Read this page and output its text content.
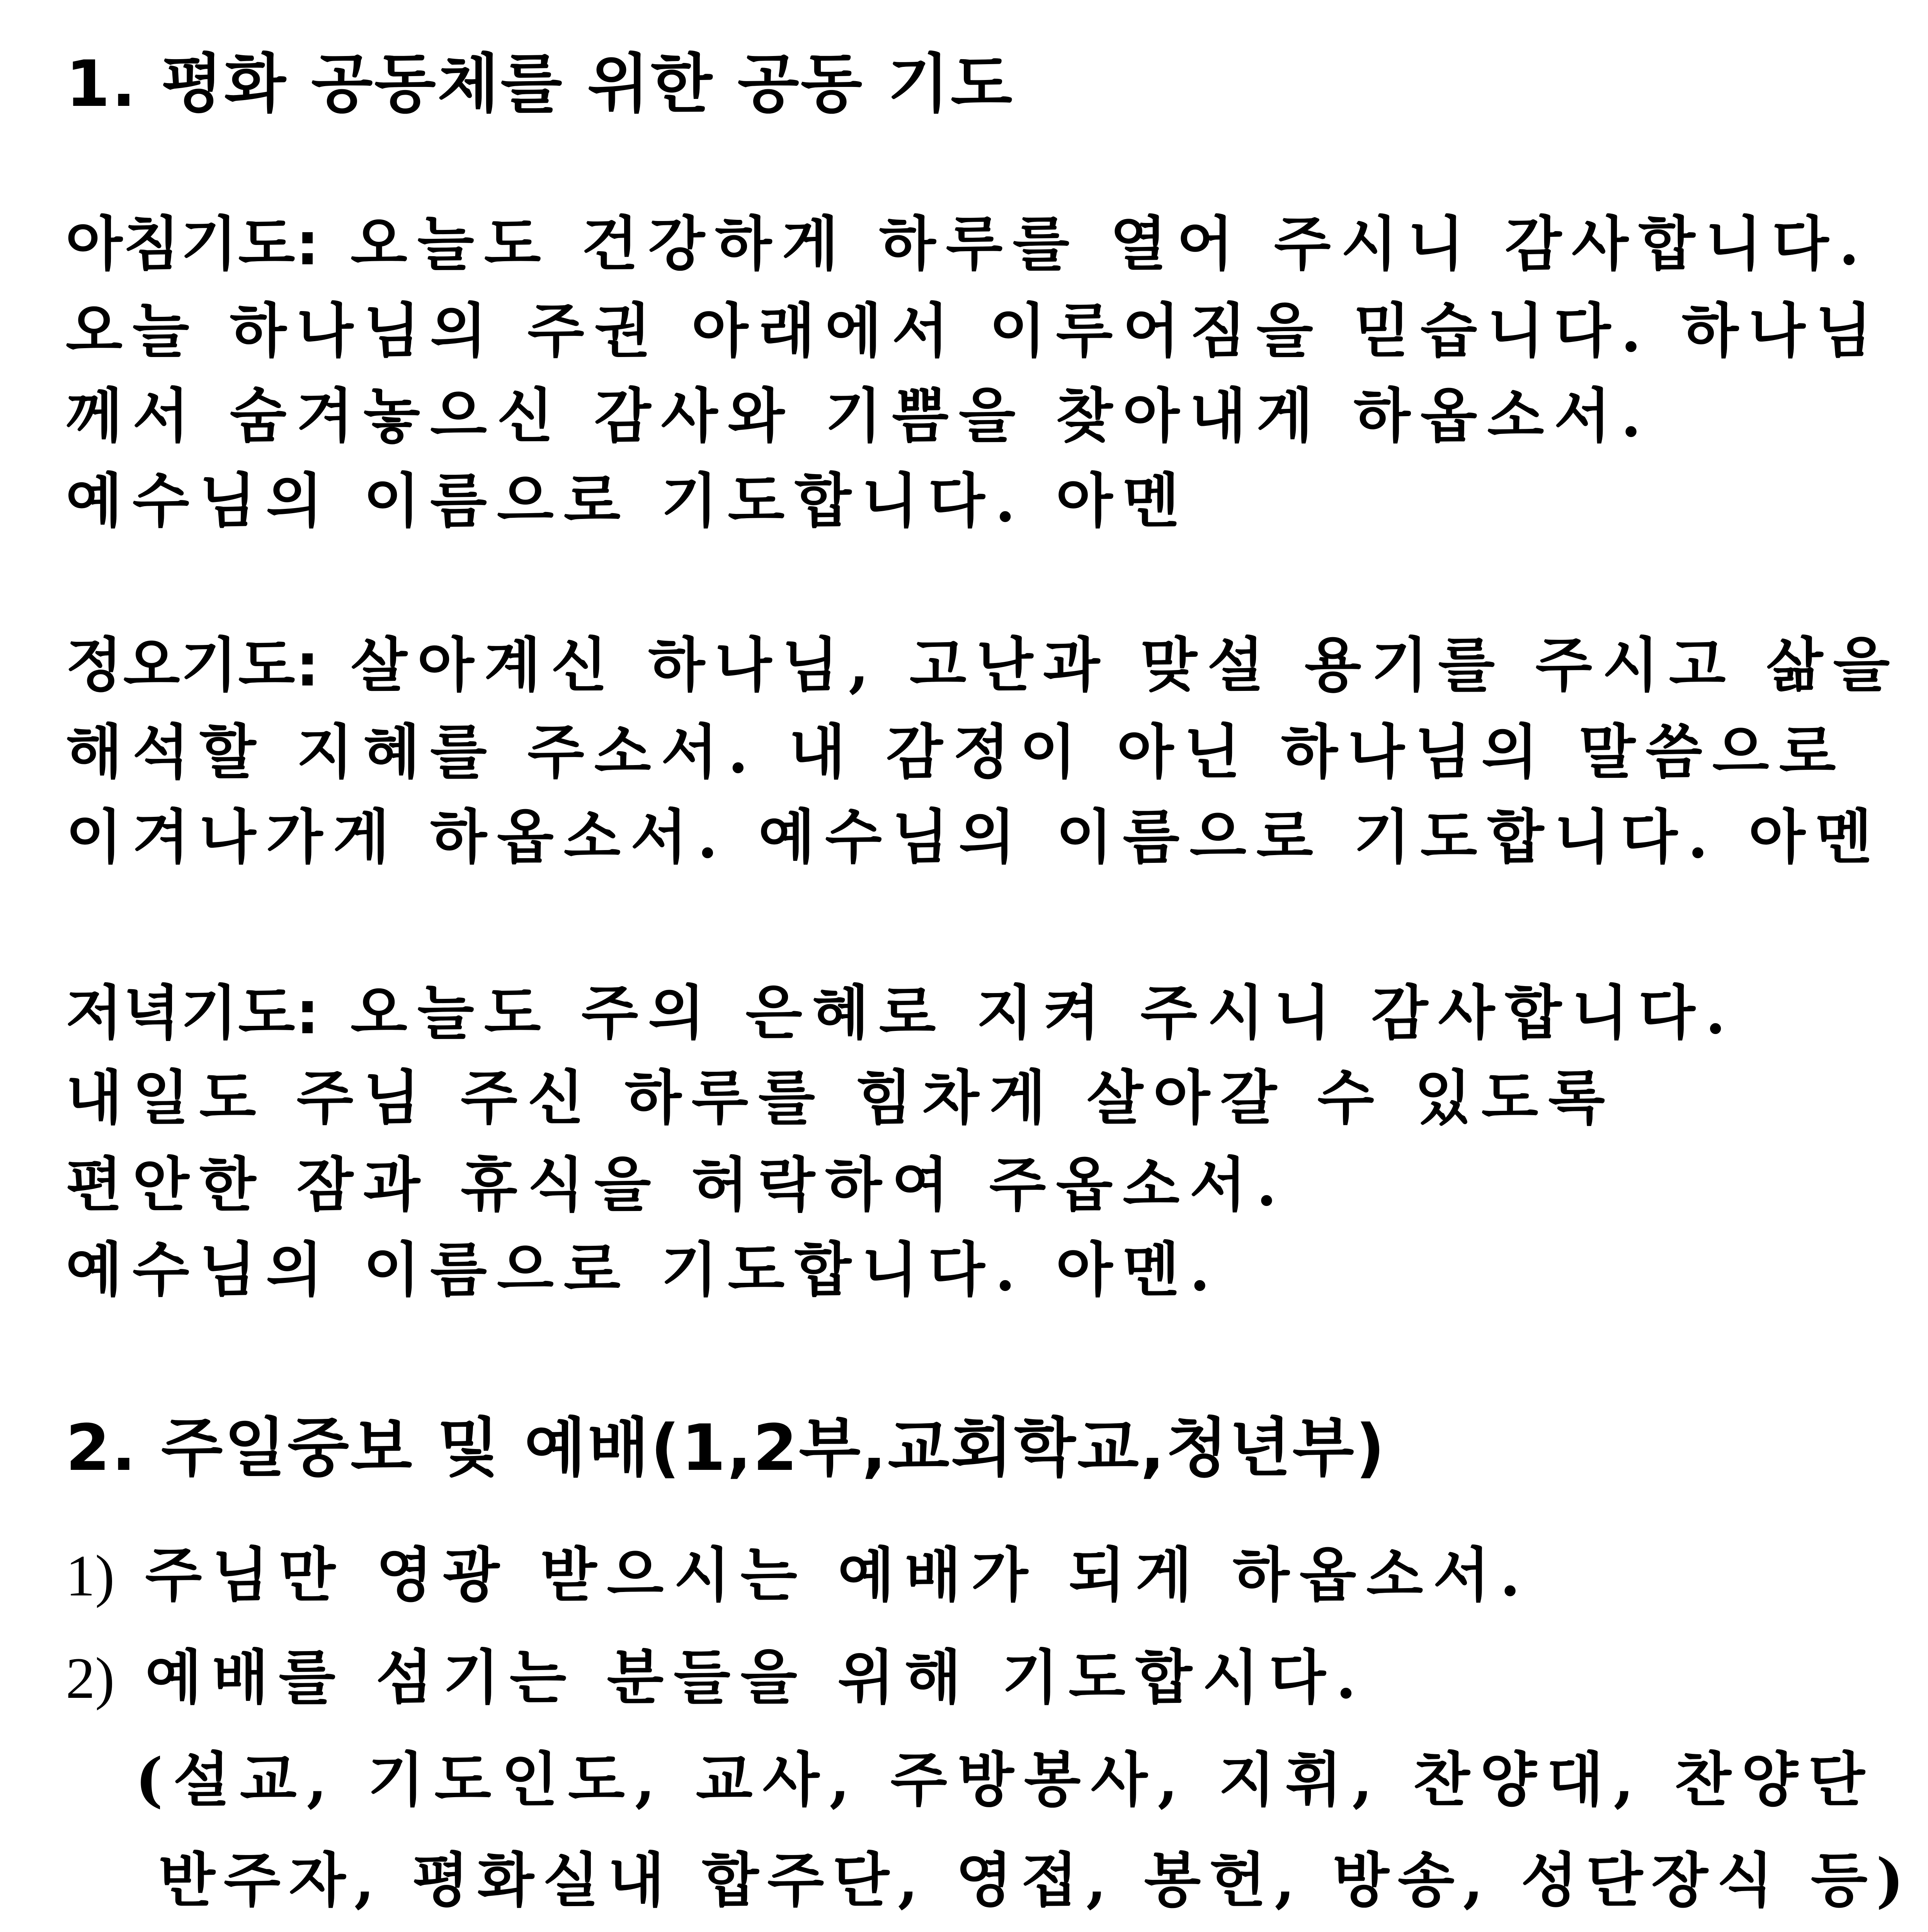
1. 평화 공동체를 위한 공동 기도
아침기도: 오늘도 건강하게 하루를 열어 주시니 감사합니다.
오늘 하나님의 주권 아래에서 이루어짐을 믿습니다. 하나님
께서 숨겨놓으신 감사와 기쁨을 찾아내게 하옵소서.
예수님의 이름으로 기도합니다. 아멘
정오기도: 살아계신 하나님, 고난과 맞설 용기를 주시고 삶을
해석할 지혜를 주소서. 내 감정이 아닌 하나님의 말씀으로
이겨나가게 하옵소서. 예수님의 이름으로 기도합니다. 아멘
저녁기도: 오늘도 주의 은혜로 지켜 주시니 감사합니다.
내일도 주님 주신 하루를 힘차게 살아갈 수 있도록
편안한 잠과 휴식을 허락하여 주옵소서.
예수님의 이름으로 기도합니다. 아멘.
2. 주일중보 및 예배(1,2부,교회학교,청년부)
1) 주님만 영광 받으시는 예배가 되게 하옵소서.
2) 예배를 섬기는 분들을 위해 기도합시다.
(설교, 기도인도, 교사, 주방봉사, 지휘, 찬양대, 찬양단
반주자, 평화실내 합주단, 영접, 봉헌, 방송, 성단장식 등)
